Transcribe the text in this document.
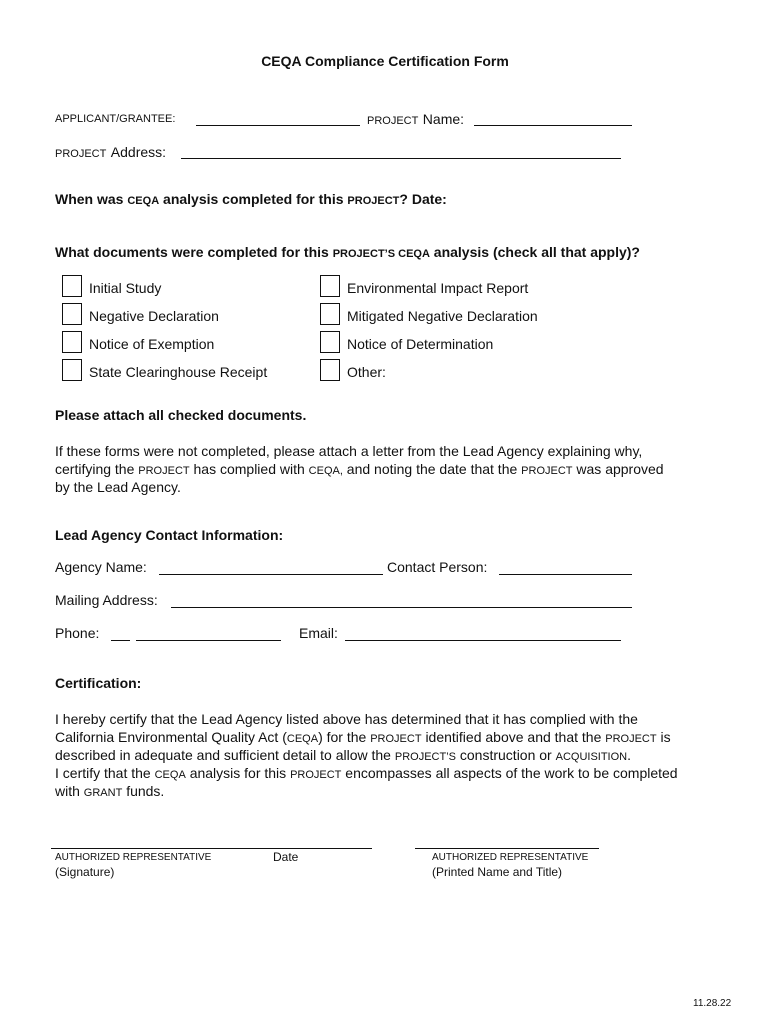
CEQA Compliance Certification Form
APPLICANT/GRANTEE:	PROJECT Name:
PROJECT Address:
When was CEQA analysis completed for this PROJECT? Date:
What documents were completed for this PROJECT’S CEQA analysis (check all that apply)?
Initial Study
Negative Declaration
Notice of Exemption
State Clearinghouse Receipt
Environmental Impact Report
Mitigated Negative Declaration
Notice of Determination
Other:
Please attach all checked documents.
If these forms were not completed, please attach a letter from the Lead Agency explaining why,
certifying the PROJECT has complied with CEQA, and noting the date that the PROJECT was approved
by the Lead Agency.
Lead Agency Contact Information:
Agency Name:	Contact Person:
Mailing Address:
Phone:	Email:
Certification:
I hereby certify that the Lead Agency listed above has determined that it has complied with the
California Environmental Quality Act (CEQA) for the PROJECT identified above and that the PROJECT is
described in adequate and sufficient detail to allow the PROJECT’S construction or ACQUISITION.
I certify that the CEQA analysis for this PROJECT encompasses all aspects of the work to be completed
with GRANT funds.
AUTHORIZED REPRESENTATIVE
(Signature)
Date	AUTHORIZED REPRESENTATIVE
(Printed Name and Title)
11.28.22
